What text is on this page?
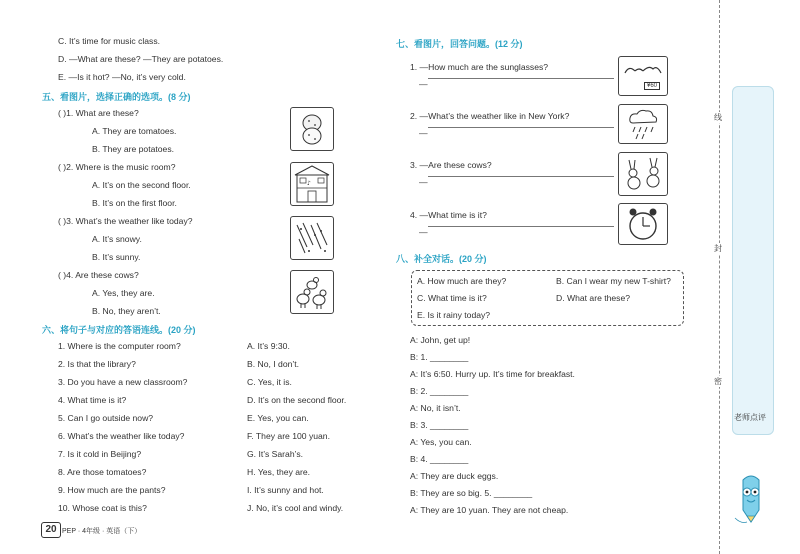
C. It’s time for music class.
D. —What are these? —They are potatoes.
E. —Is it hot? —No, it’s very cold.
五、看图片，选择正确的选项。(8 分)
( )1. What are these?
A. They are tomatoes.
B. They are potatoes.
( )2. Where is the music room?
A. It’s on the second floor.
B. It’s on the first floor.
( )3. What’s the weather like today?
A. It’s snowy.
B. It’s sunny.
( )4. Are these cows?
A. Yes, they are.
B. No, they aren’t.
♪
六、将句子与对应的答语连线。(20 分)
1. Where is the computer room?
2. Is that the library?
3. Do you have a new classroom?
4. What time is it?
5. Can I go outside now?
6. What’s the weather like today?
7. Is it cold in Beijing?
8. Are those tomatoes?
9. How much are the pants?
10. Whose coat is this?
A. It’s 9:30.
B. No, I don’t.
C. Yes, it is.
D. It’s on the second floor.
E. Yes, you can.
F. They are 100 yuan.
G. It’s Sarah’s.
H. Yes, they are.
I. It’s sunny and hot.
J. No, it’s cool and windy.
20 PEP · 4年级 · 英语（下）
七、看图片，回答问题。(12 分)
1. —How much are the sunglasses?
—
2. —What’s the weather like in New York?
—
3. —Are these cows?
—
4. —What time is it?
—
¥60
八、补全对话。(20 分)
A. How much are they?	B. Can I wear my new T-shirt?
C. What time is it?	D. What are these?
E. Is it rainy today?
A: John, get up!
B: 1. ________
A: It’s 6:50. Hurry up. It’s time for breakfast.
B: 2. ________
A: No, it isn’t.
B: 3. ________
A: Yes, you can.
B: 4. ________
A: They are duck eggs.
B: They are so big. 5. ________
A: They are 10 yuan. They are not cheap.
线
封
密
老师点评
